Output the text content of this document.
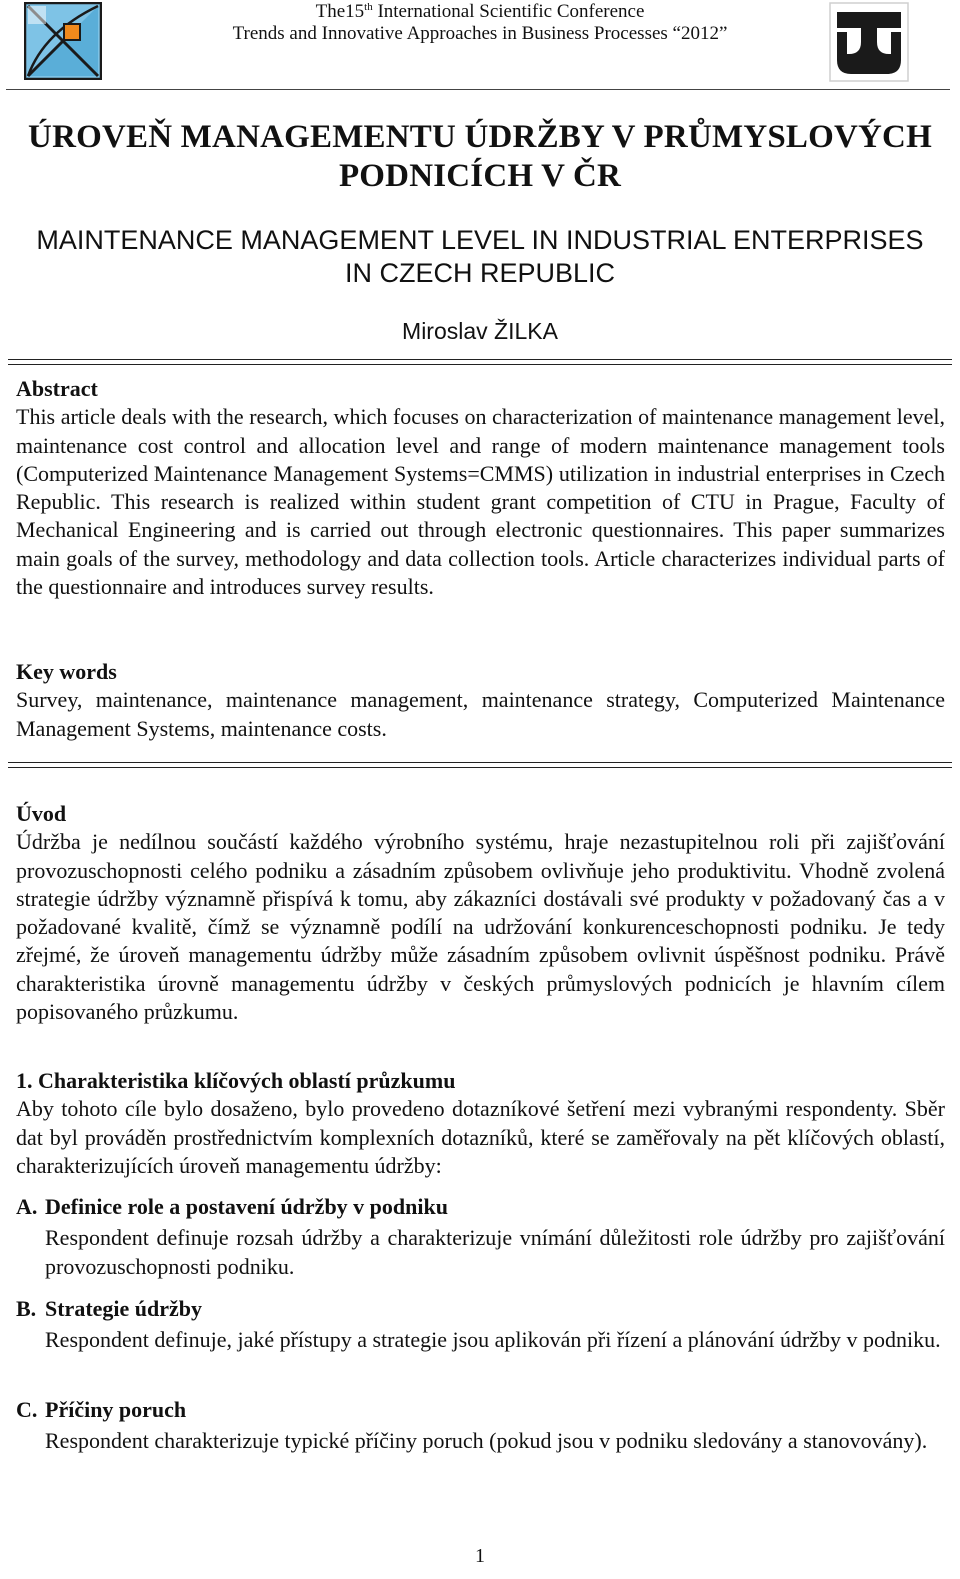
The15th International Scientific Conference
Trends and Innovative Approaches in Business Processes “2012”
ÚROVEŇ MANAGEMENTU ÚDRŽBY V PRŮMYSLOVÝCH
PODNICÍCH V ČR
MAINTENANCE MANAGEMENT LEVEL IN INDUSTRIAL ENTERPRISES
IN CZECH REPUBLIC
Miroslav ŽILKA
Abstract

This article deals with the research, which focuses on characterization of maintenance management level, maintenance cost control and allocation level and range of modern maintenance management tools (Computerized Maintenance Management Systems=CMMS) utilization in industrial enterprises in Czech Republic. This research is realized within student grant competition of CTU in Prague, Faculty of Mechanical Engineering and is carried out through electronic questionnaires. This paper summarizes main goals of the survey, methodology and data collection tools. Article characterizes individual parts of the questionnaire and introduces survey results.

Key words

Survey, maintenance, maintenance management, maintenance strategy, Computerized Maintenance Management Systems, maintenance costs.

Úvod

Údržba je nedílnou součástí každého výrobního systému, hraje nezastupitelnou roli při zajišťování provozuschopnosti celého podniku a zásadním způsobem ovlivňuje jeho produktivitu. Vhodně zvolená strategie údržby významně přispívá k tomu, aby zákazníci dostávali své produkty v požadovaný čas a v požadované kvalitě, čímž se významně podílí na udržování konkurenceschopnosti podniku. Je tedy zřejmé, že úroveň managementu údržby může zásadním způsobem ovlivnit úspěšnost podniku. Právě charakteristika úrovně managementu údržby v českých průmyslových podnicích je hlavním cílem popisovaného průzkumu.

1. Charakteristika klíčových oblastí průzkumu

Aby tohoto cíle bylo dosaženo, bylo provedeno dotazníkové šetření mezi vybranými respondenty. Sběr dat byl prováděn prostřednictvím komplexních dotazníků, které se zaměřovaly na pět klíčových oblastí, charakterizujících úroveň managementu údržby:

A. Definice role a postavení údržby v podniku

Respondent definuje rozsah údržby a charakterizuje vnímání důležitosti role údržby pro zajišťování provozuschopnosti podniku.

B. Strategie údržby

Respondent definuje, jaké přístupy a strategie jsou aplikován při řízení a plánování údržby v podniku.

C. Příčiny poruch

Respondent charakterizuje typické příčiny poruch (pokud jsou v podniku sledovány a stanovovány).

1
